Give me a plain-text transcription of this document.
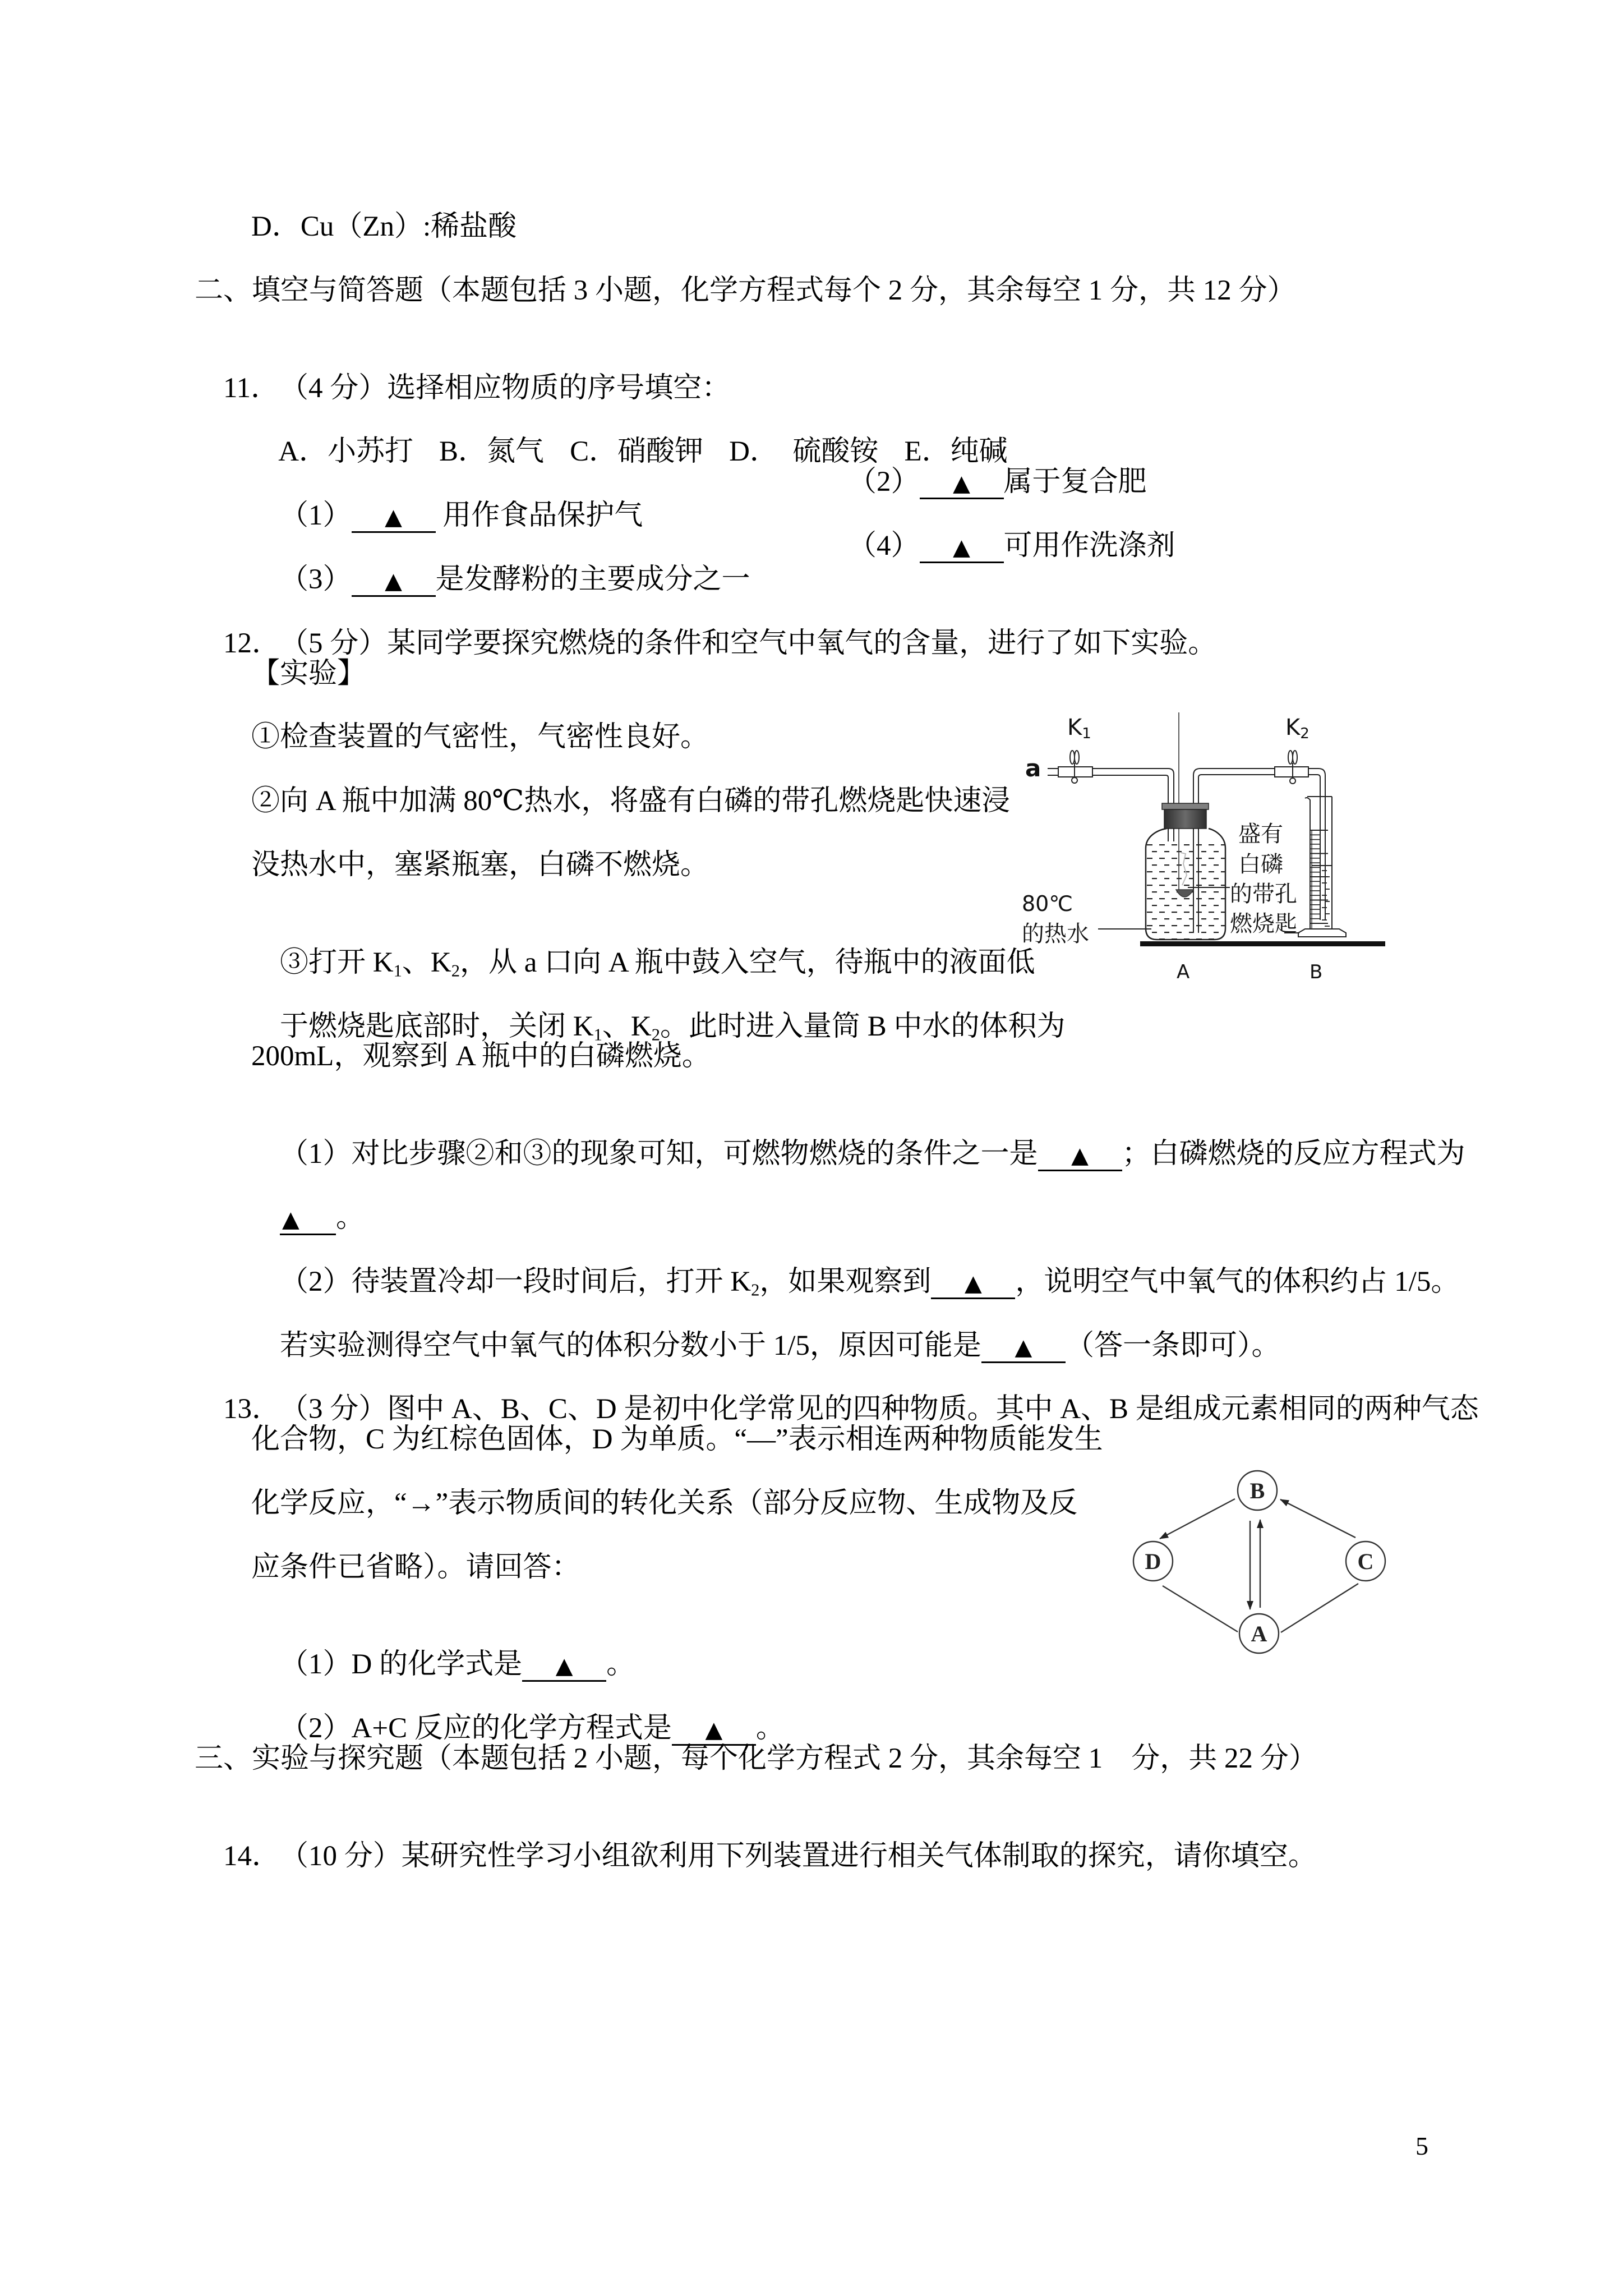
D．Cu（Zn）:稀盐酸
二、填空与简答题（本题包括 3 小题，化学方程式每个 2 分，其余每空 1 分，共 12 分）

11．（4 分）选择相应物质的序号填空：

A．小苏打 B．氮气 C．硝酸钾 D．  硫酸铵 E．纯碱

（1） ▲ 用作食品保护气

（2） ▲ 属于复合肥

（3） ▲ 是发酵粉的主要成分之一

（4） ▲ 可用作洗涤剂

12．（5 分）某同学要探究燃烧的条件和空气中氧气的含量，进行了如下实验。

【实验】
①检查装置的气密性，气密性良好。
②向 A 瓶中加满 80℃热水，将盛有白磷的带孔燃烧匙快速浸
没热水中，塞紧瓶塞，白磷不燃烧。

③打开 $K_1$、$K_2$，从 a 口向 A 瓶中鼓入空气，待瓶中的液面低

于燃烧匙底部时，关闭 $K_1$、$K_2$。此时进入量筒 B 中水的体积为

200mL，观察到 A 瓶中的白磷燃烧。

（1）对比步骤②和③的现象可知，可燃物燃烧的条件之一是 ▲ ；白磷燃烧的反应方程式为

▲ 。

（2）待装置冷却一段时间后，打开 $K_2$，如果观察到 ▲ ，说明空气中氧气的体积约占 1/5。

若实验测得空气中氧气的体积分数小于 1/5，原因可能是 ▲ （答一条即可）。

K1	K2
a
80℃
的热水
盛有
白磷
的带孔
燃烧匙
A	B

13．（3 分）图中 A、B、C、D 是初中化学常见的四种物质。其中 A、B 是组成元素相同的两种气态

化合物，C 为红棕色固体，D 为单质。“—”表示相连两种物质能发生
化学反应，“→”表示物质间的转化关系（部分反应物、生成物及反
应条件已省略）。请回答：

（1）D 的化学式是 ▲ 。

（2）A+C 反应的化学方程式是 ▲ 。

B
D	C
A
三、实验与探究题（本题包括 2 小题，每个化学方程式 2 分，其余每空 1　分，共 22 分）

14．（10 分）某研究性学习小组欲利用下列装置进行相关气体制取的探究，请你填空。

5
